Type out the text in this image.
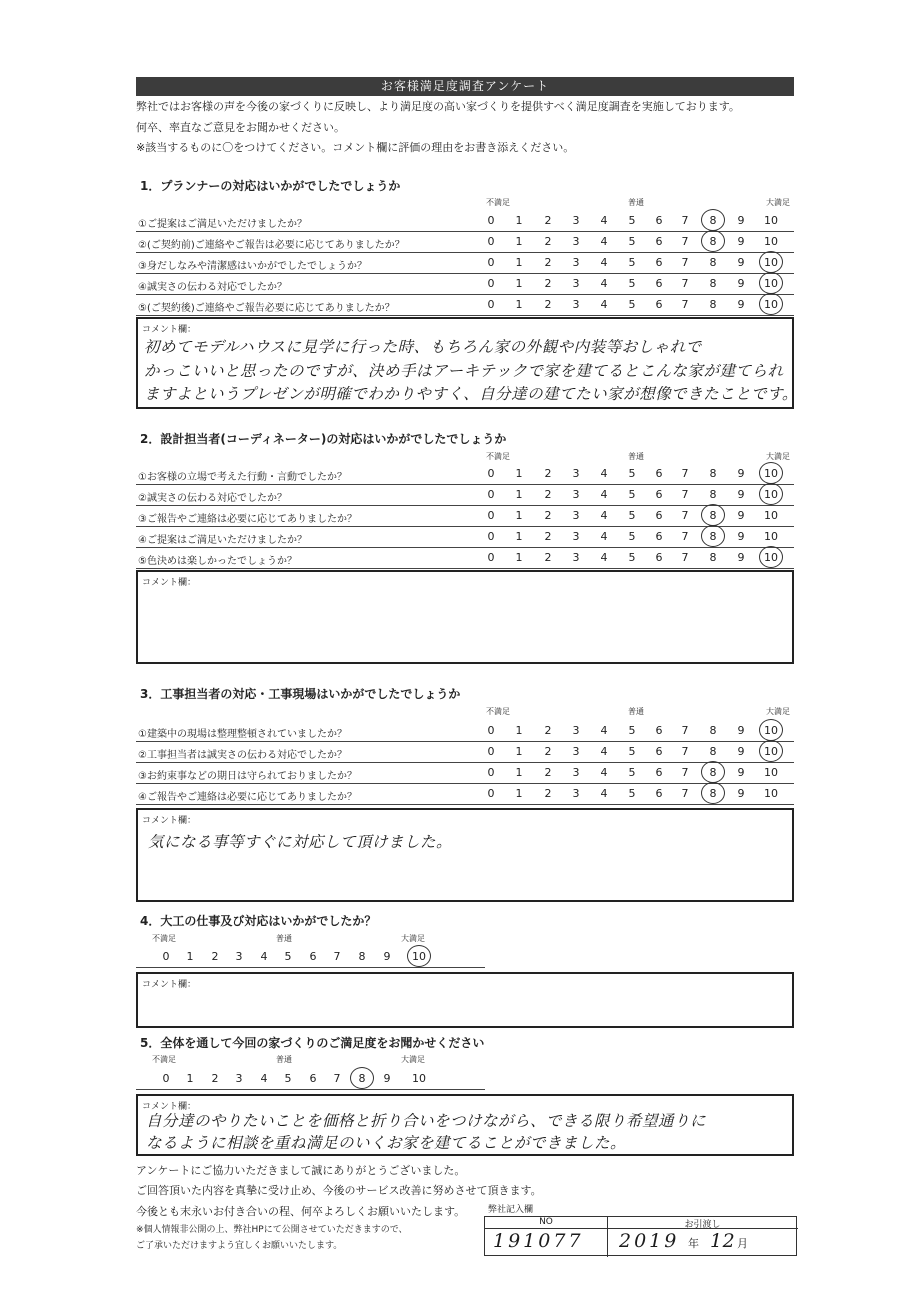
お客様満足度調査アンケート
弊社ではお客様の声を今後の家づくりに反映し、より満足度の高い家づくりを提供すべく満足度調査を実施しております。
何卒、率直なご意見をお聞かせください。
※該当するものに〇をつけてください。コメント欄に評価の理由をお書き添えください。
1．プランナーの対応はいかがでしたでしょうか
不満足	普通	大満足
①ご提案はご満足いただけましたか？	0	1	2	3	4	5	6	7	8	9	10
②(ご契約前)ご連絡やご報告は必要に応じてありましたか？	0	1	2	3	4	5	6	7	8	9	10
③身だしなみや清潔感はいかがでしたでしょうか？	0	1	2	3	4	5	6	7	8	9	10
④誠実さの伝わる対応でしたか？	0	1	2	3	4	5	6	7	8	9	10
⑤(ご契約後)ご連絡やご報告必要に応じてありましたか？	0	1	2	3	4	5	6	7	8	9	10
コメント欄：
初めてモデルハウスに見学に行った時、もちろん家の外観や内装等おしゃれで
かっこいいと思ったのですが、決め手はアーキテックで家を建てるとこんな家が建てられ
ますよというプレゼンが明確でわかりやすく、自分達の建てたい家が想像できたことです。
2．設計担当者(コーディネーター)の対応はいかがでしたでしょうか
不満足	普通	大満足
①お客様の立場で考えた行動・言動でしたか？	0	1	2	3	4	5	6	7	8	9	10
②誠実さの伝わる対応でしたか？	0	1	2	3	4	5	6	7	8	9	10
③ご報告やご連絡は必要に応じてありましたか？	0	1	2	3	4	5	6	7	8	9	10
④ご提案はご満足いただけましたか？	0	1	2	3	4	5	6	7	8	9	10
⑤色決めは楽しかったでしょうか？	0	1	2	3	4	5	6	7	8	9	10
コメント欄：
3．工事担当者の対応・工事現場はいかがでしたでしょうか
不満足	普通	大満足
①建築中の現場は整理整頓されていましたか？	0	1	2	3	4	5	6	7	8	9	10
②工事担当者は誠実さの伝わる対応でしたか？	0	1	2	3	4	5	6	7	8	9	10
③お約束事などの期日は守られておりましたか？	0	1	2	3	4	5	6	7	8	9	10
④ご報告やご連絡は必要に応じてありましたか？	0	1	2	3	4	5	6	7	8	9	10
コメント欄：
気になる事等すぐに対応して頂けました。
4．大工の仕事及び対応はいかがでしたか？
不満足	普通	大満足
0	1	2	3	4	5	6	7	8	9	10
コメント欄：
5．全体を通して今回の家づくりのご満足度をお聞かせください
不満足	普通	大満足
0	1	2	3	4	5	6	7	8	9	10
コメント欄：
自分達のやりたいことを価格と折り合いをつけながら、できる限り希望通りに
なるように相談を重ね満足のいくお家を建てることができました。
アンケートにご協力いただきまして誠にありがとうございました。
ご回答頂いた内容を真摯に受け止め、今後のサービス改善に努めさせて頂きます。
今後とも末永いお付き合いの程、何卒よろしくお願いいたします。
※個人情報非公開の上、弊社HPにて公開させていただきますので、
ご了承いただけますよう宜しくお願いいたします。
弊社記入欄
NO	お引渡し
191077 2019 年 12 月
